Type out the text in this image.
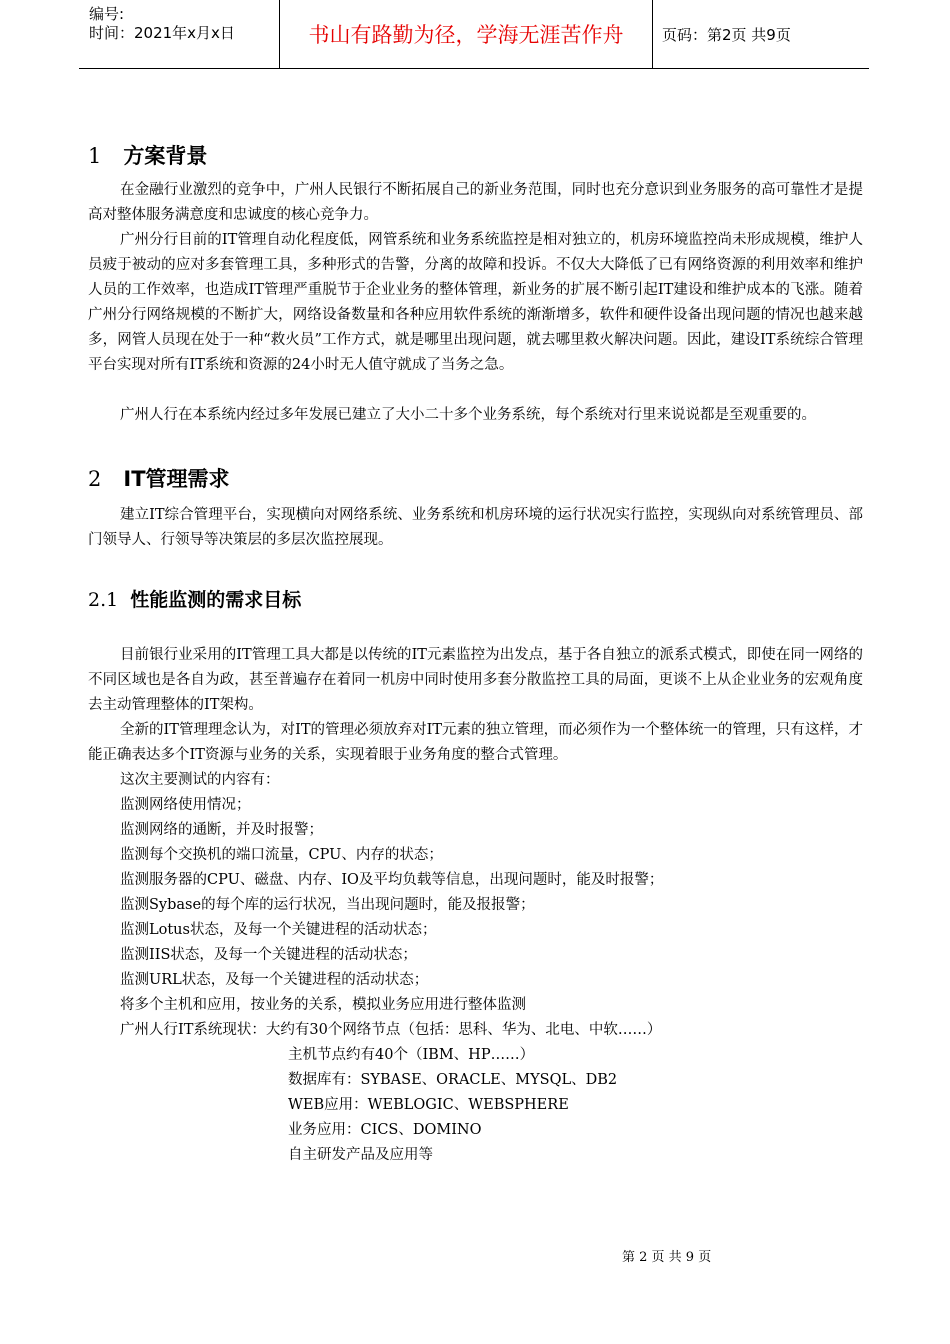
编号:
时间：2021年x月x日	书山有路勤为径，学海无涯苦作舟	页码：第2页 共9页
1 方案背景
在金融行业激烈的竞争中，广州人民银行不断拓展自己的新业务范围，同时也充分意识到业务服务的高可靠性才是提高对整体服务满意度和忠诚度的核心竞争力。
广州分行目前的IT管理自动化程度低，网管系统和业务系统监控是相对独立的，机房环境监控尚未形成规模，维护人员疲于被动的应对多套管理工具，多种形式的告警，分离的故障和投诉。不仅大大降低了已有网络资源的利用效率和维护人员的工作效率，也造成IT管理严重脱节于企业业务的整体管理，新业务的扩展不断引起IT建设和维护成本的飞涨。随着广州分行网络规模的不断扩大，网络设备数量和各种应用软件系统的渐渐增多，软件和硬件设备出现问题的情况也越来越多，网管人员现在处于一种“救火员”工作方式，就是哪里出现问题，就去哪里救火解决问题。因此，建设IT系统综合管理平台实现对所有IT系统和资源的24小时无人值守就成了当务之急。
广州人行在本系统内经过多年发展已建立了大小二十多个业务系统，每个系统对行里来说说都是至观重要的。
2 IT管理需求
建立IT综合管理平台，实现横向对网络系统、业务系统和机房环境的运行状况实行监控，实现纵向对系统管理员、部门领导人、行领导等决策层的多层次监控展现。
2.1 性能监测的需求目标
目前银行业采用的IT管理工具大都是以传统的IT元素监控为出发点，基于各自独立的派系式模式，即使在同一网络的不同区域也是各自为政，甚至普遍存在着同一机房中同时使用多套分散监控工具的局面，更谈不上从企业业务的宏观角度去主动管理整体的IT架构。
全新的IT管理理念认为，对IT的管理必须放弃对IT元素的独立管理，而必须作为一个整体统一的管理，只有这样，才能正确表达多个IT资源与业务的关系，实现着眼于业务角度的整合式管理。
这次主要测试的内容有：
监测网络使用情况；
监测网络的通断，并及时报警；
监测每个交换机的端口流量，CPU、内存的状态；
监测服务器的CPU、磁盘、内存、IO及平均负载等信息，出现问题时，能及时报警；
监测Sybase的每个库的运行状况，当出现问题时，能及报报警；
监测Lotus状态，及每一个关键进程的活动状态；
监测IIS状态，及每一个关键进程的活动状态；
监测URL状态，及每一个关键进程的活动状态；
将多个主机和应用，按业务的关系，模拟业务应用进行整体监测
广州人行IT系统现状：大约有30个网络节点（包括：思科、华为、北电、中软……）
主机节点约有40个（IBM、HP……）
数据库有：SYBASE、ORACLE、MYSQL、DB2
WEB应用：WEBLOGIC、WEBSPHERE
业务应用：CICS、DOMINO
自主研发产品及应用等
第 2 页 共 9 页
